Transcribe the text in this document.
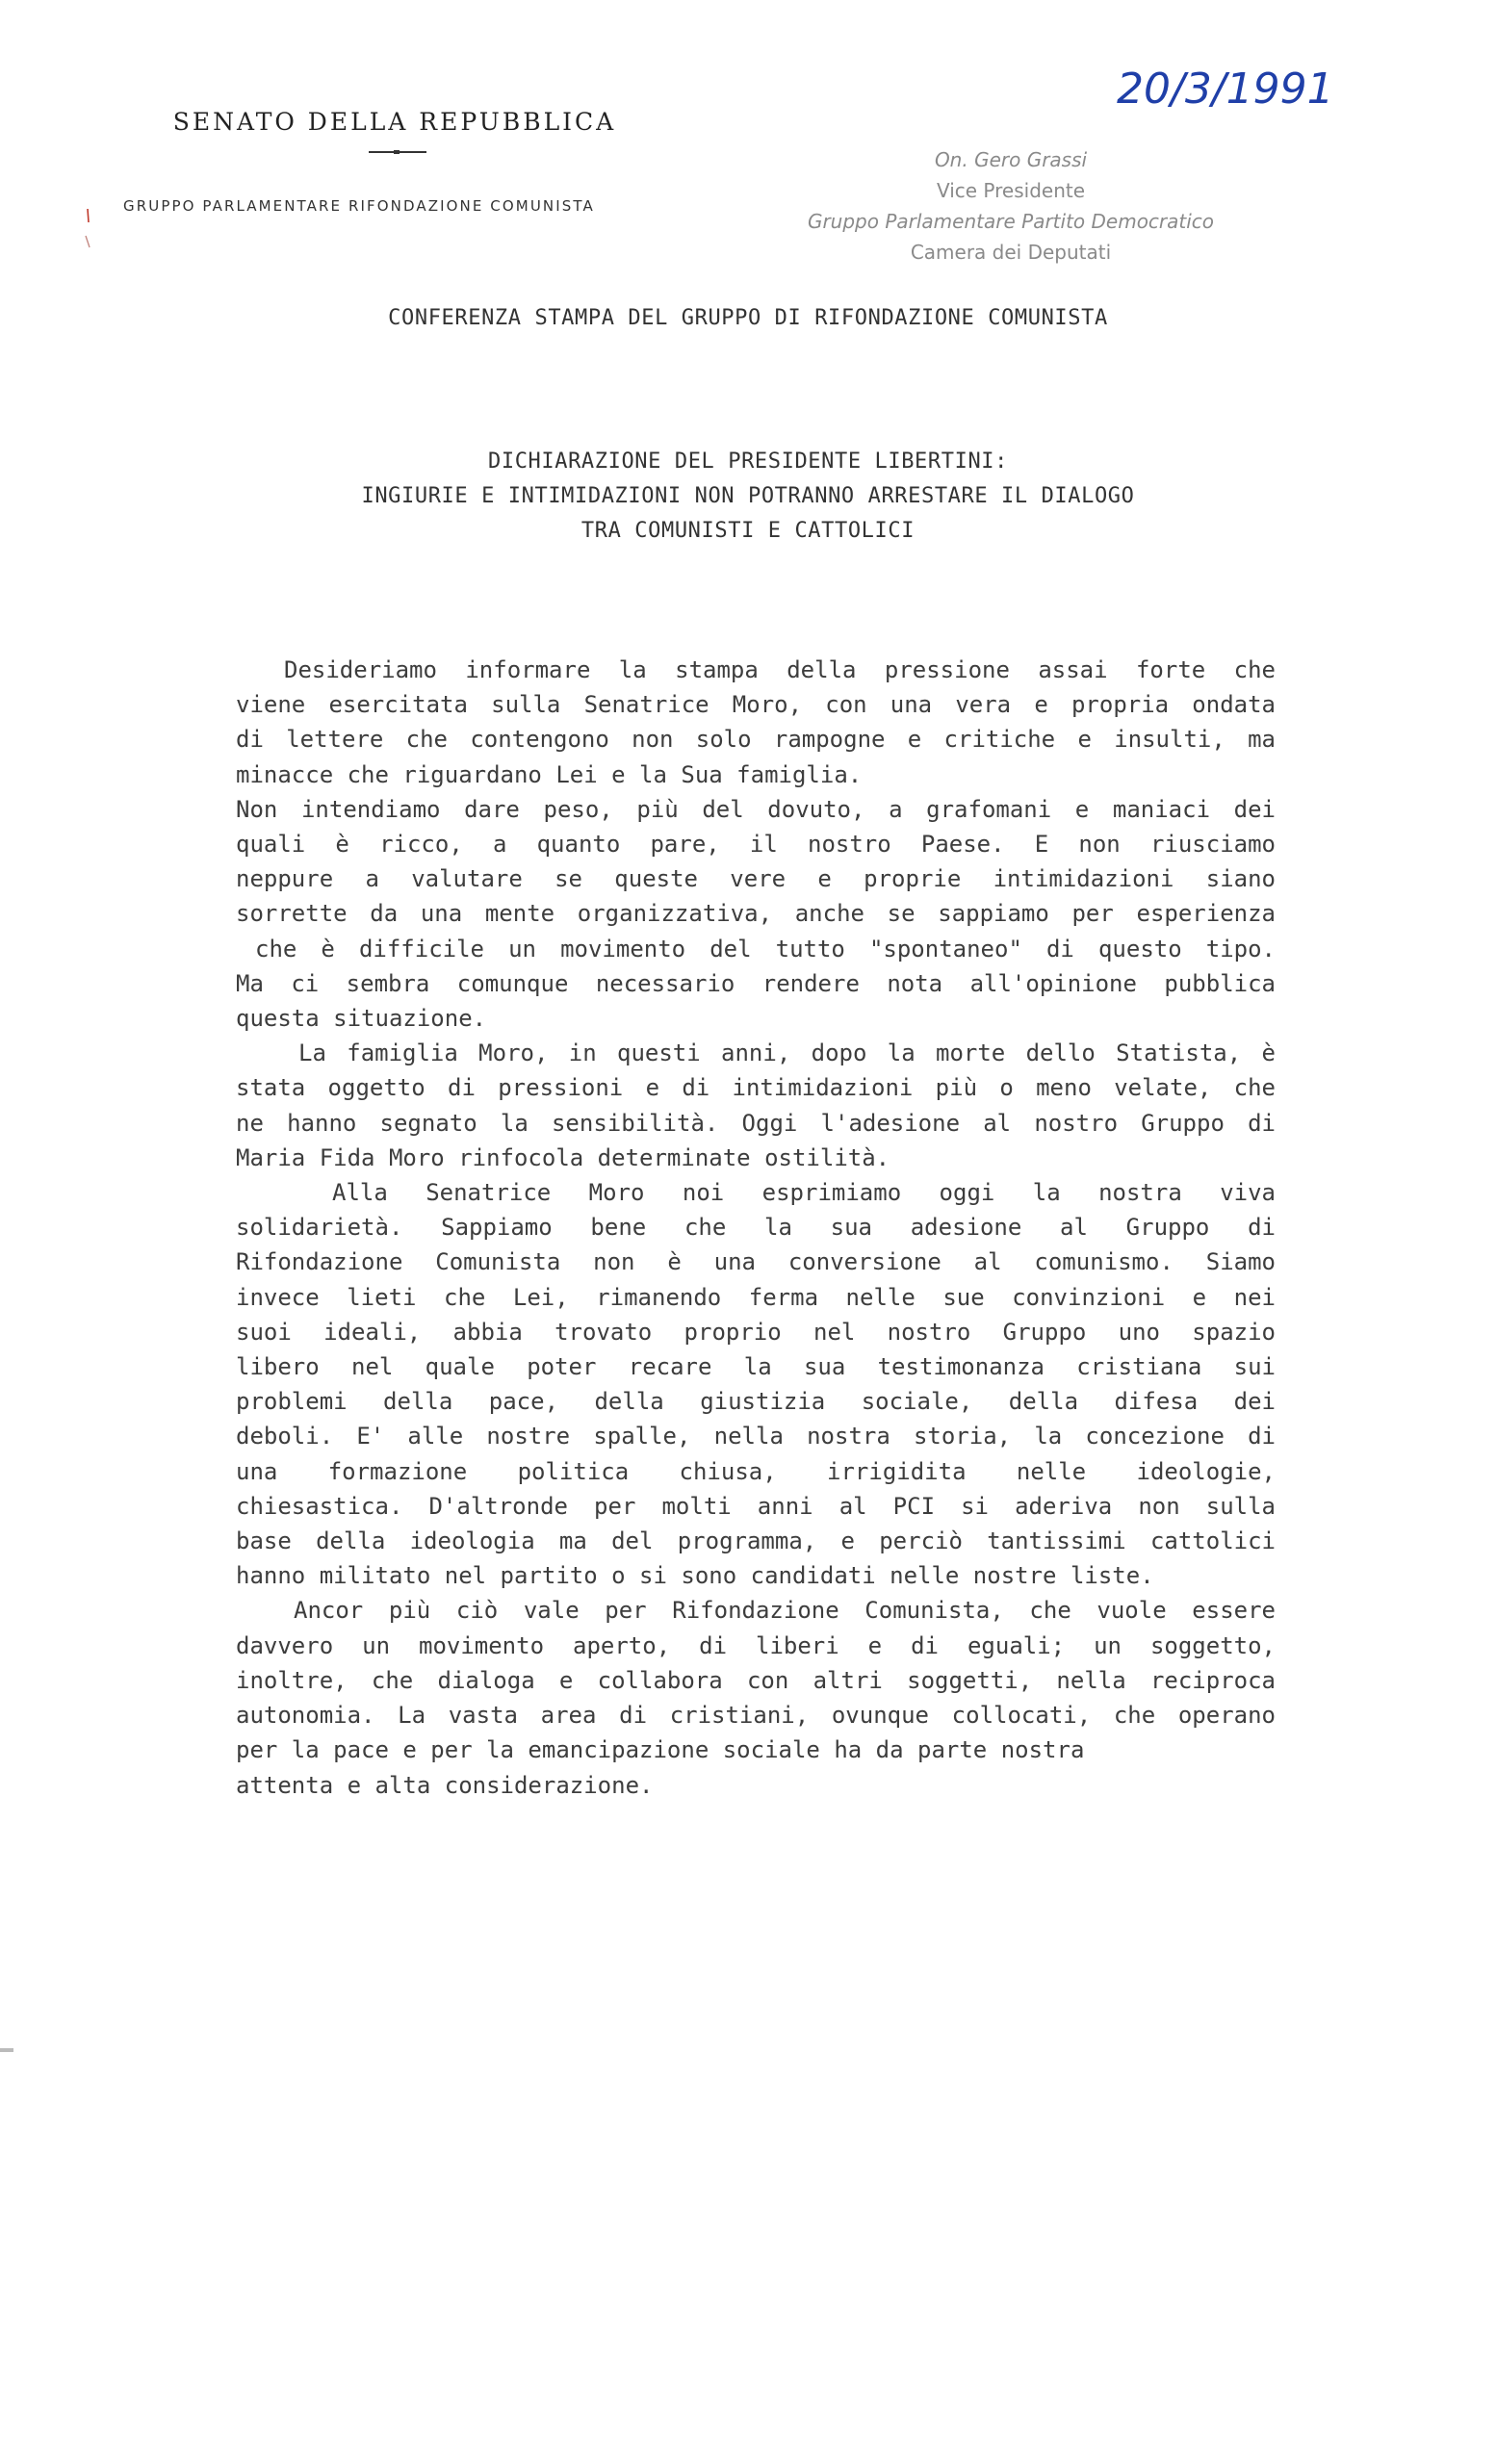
SENATO DELLA REPUBBLICA
GRUPPO PARLAMENTARE RIFONDAZIONE COMUNISTA
20/3/1991
On. Gero Grassi
Vice Presidente
Gruppo Parlamentare Partito Democratico
Camera dei Deputati
CONFERENZA STAMPA DEL GRUPPO DI RIFONDAZIONE COMUNISTA
DICHIARAZIONE DEL PRESIDENTE LIBERTINI:
INGIURIE E INTIMIDAZIONI NON POTRANNO ARRESTARE IL DIALOGO
TRA COMUNISTI E CATTOLICI
Desideriamo informare la stampa della pressione assai forte che
viene esercitata sulla Senatrice Moro, con una vera e propria ondata
di lettere che contengono non solo rampogne e critiche e insulti, ma
minacce che riguardano Lei e la Sua famiglia.
Non intendiamo dare peso, più del dovuto, a grafomani e maniaci dei
quali è ricco, a quanto pare, il nostro Paese. E non riusciamo
neppure a valutare se queste vere e proprie intimidazioni siano
sorrette da una mente organizzativa, anche se sappiamo per esperienza
che è difficile un movimento del tutto "spontaneo" di questo tipo.
Ma ci sembra comunque necessario rendere nota all'opinione pubblica
questa situazione.
La famiglia Moro, in questi anni, dopo la morte dello Statista, è
stata oggetto di pressioni e di intimidazioni più o meno velate, che
ne hanno segnato la sensibilità. Oggi l'adesione al nostro Gruppo di
Maria Fida Moro rinfocola determinate ostilità.
Alla Senatrice Moro noi esprimiamo oggi la nostra viva
solidarietà. Sappiamo bene che la sua adesione al Gruppo di
Rifondazione Comunista non è una conversione al comunismo. Siamo
invece lieti che Lei, rimanendo ferma nelle sue convinzioni e nei
suoi ideali, abbia trovato proprio nel nostro Gruppo uno spazio
libero nel quale poter recare la sua testimonanza cristiana sui
problemi della pace, della giustizia sociale, della difesa dei
deboli. E' alle nostre spalle, nella nostra storia, la concezione di
una formazione politica chiusa, irrigidita nelle ideologie,
chiesastica. D'altronde per molti anni al PCI si aderiva non sulla
base della ideologia ma del programma, e perciò tantissimi cattolici
hanno militato nel partito o si sono candidati nelle nostre liste.
Ancor più ciò vale per Rifondazione Comunista, che vuole essere
davvero un movimento aperto, di liberi e di eguali; un soggetto,
inoltre, che dialoga e collabora con altri soggetti, nella reciproca
autonomia. La vasta area di cristiani, ovunque collocati, che operano
per la pace e per la emancipazione sociale ha da parte nostra
attenta e alta considerazione.
